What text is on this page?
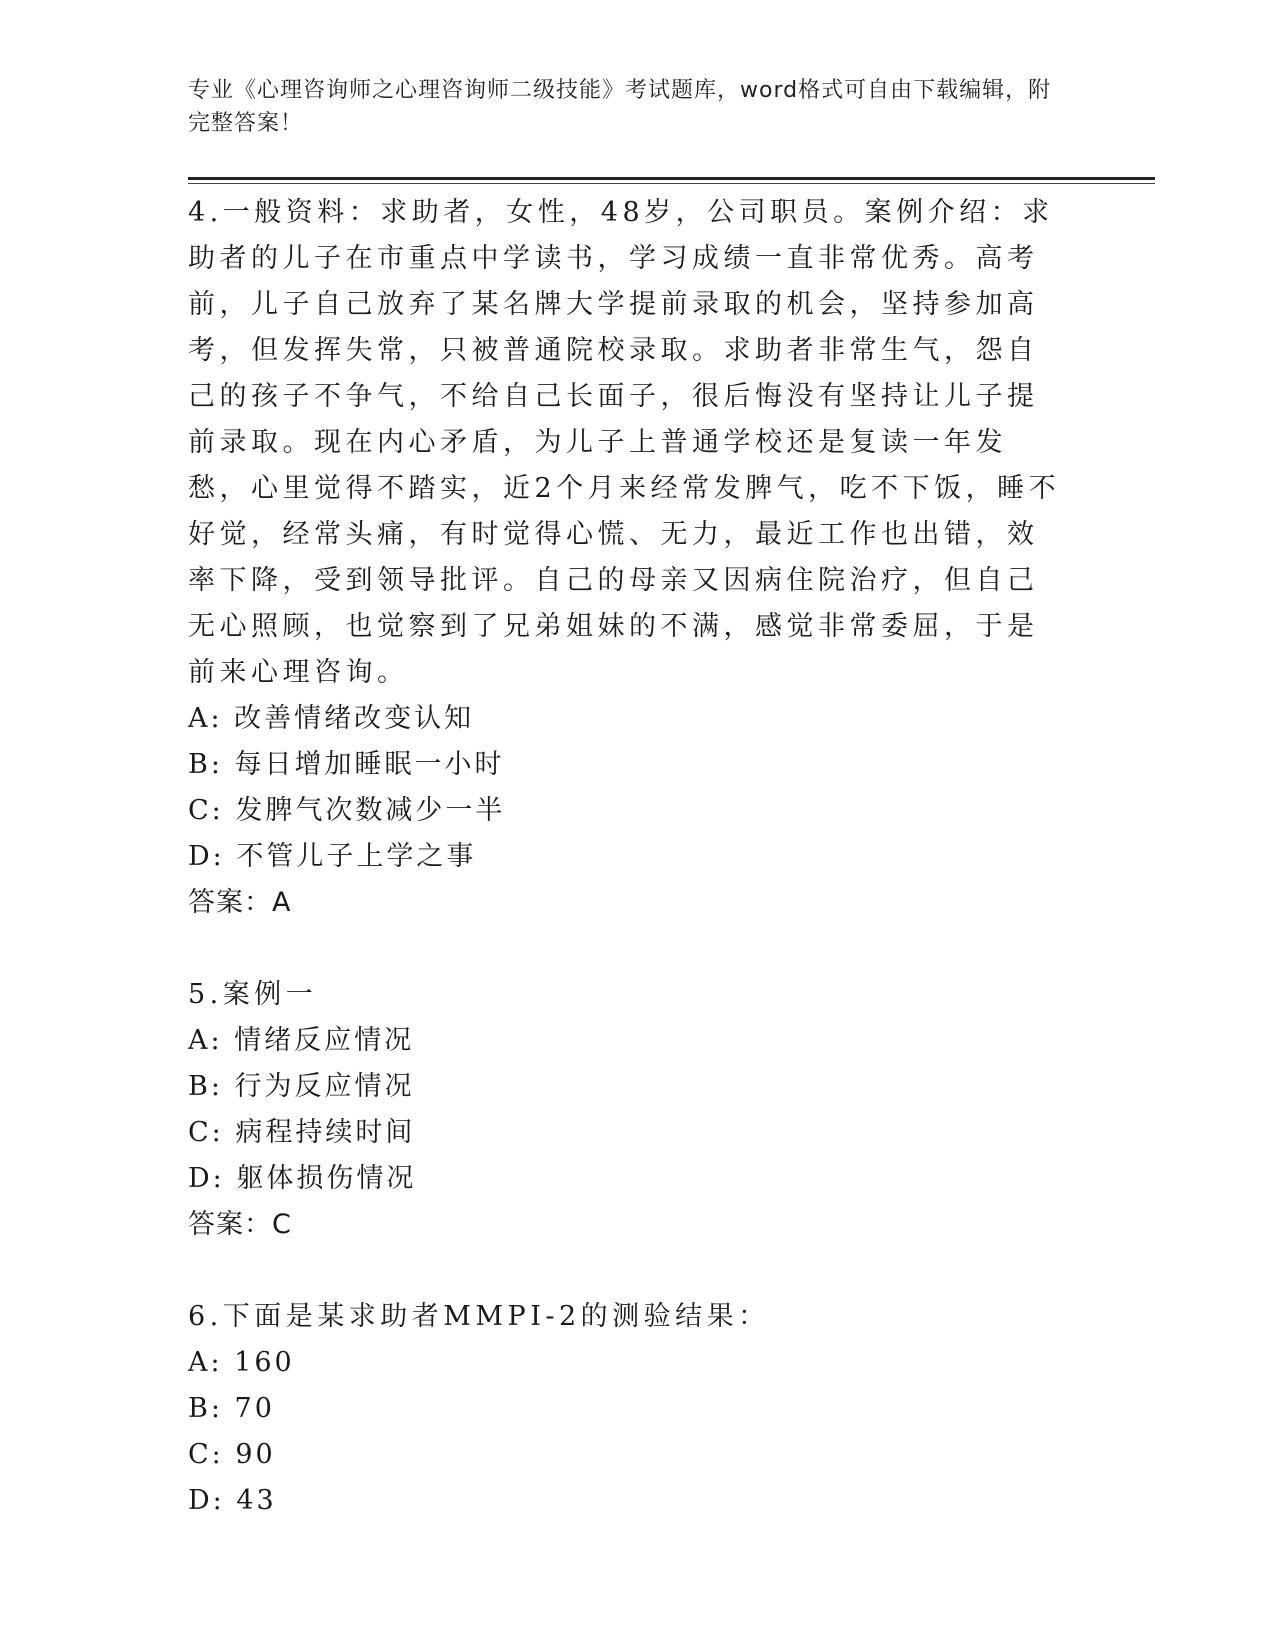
专业《心理咨询师之心理咨询师二级技能》考试题库，word格式可自由下载编辑，附完整答案！

4.一般资料：求助者，女性，48岁，公司职员。案例介绍：求助者的儿子在市重点中学读书，学习成绩一直非常优秀。高考前，儿子自己放弃了某名牌大学提前录取的机会，坚持参加高考，但发挥失常，只被普通院校录取。求助者非常生气，怨自己的孩子不争气，不给自己长面子，很后悔没有坚持让儿子提前录取。现在内心矛盾，为儿子上普通学校还是复读一年发愁，心里觉得不踏实，近2个月来经常发脾气，吃不下饭，睡不好觉，经常头痛，有时觉得心慌、无力，最近工作也出错，效率下降，受到领导批评。自己的母亲又因病住院治疗，但自己无心照顾，也觉察到了兄弟姐妹的不满，感觉非常委屈，于是前来心理咨询。

A: 改善情绪改变认知

B: 每日增加睡眠一小时

C: 发脾气次数减少一半

D: 不管儿子上学之事

答案：A

5.案例一

A: 情绪反应情况

B: 行为反应情况

C: 病程持续时间

D: 躯体损伤情况

答案：C

6.下面是某求助者MMPI-2的测验结果：

A: 160

B: 70

C: 90

D: 43
